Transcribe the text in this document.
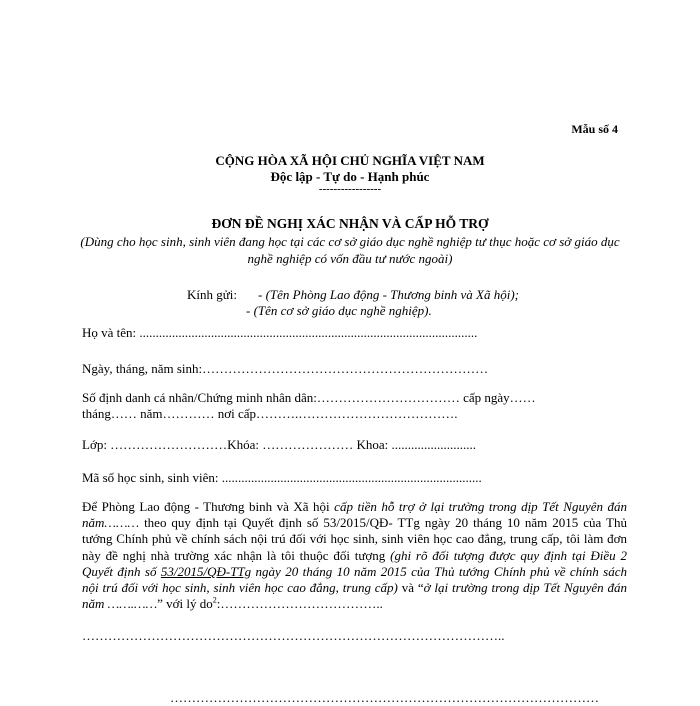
Mẫu số 4
CỘNG HÒA XÃ HỘI CHỦ NGHĨA VIỆT NAM
Độc lập - Tự do - Hạnh phúc
-----------------
ĐƠN ĐỀ NGHỊ XÁC NHẬN VÀ CẤP HỖ TRỢ
(Dùng cho học sinh, sinh viên đang học tại các cơ sở giáo dục nghề nghiệp tư thục hoặc cơ sở giáo dục nghề nghiệp có vốn đầu tư nước ngoài)
Kính gửi: - (Tên Phòng Lao động - Thương binh và Xã hội);
- (Tên cơ sở giáo dục nghề nghiệp).
Họ và tên: ........................................................................................................
Ngày, tháng, năm sinh:…………………………………………………………
Số định danh cá nhân/Chứng minh nhân dân:…………………………… cấp ngày……
tháng…… năm………… nơi cấp……….……………………………….
Lớp: ………………………Khóa: ………………… Khoa: ..........................
Mã số học sinh, sinh viên: ................................................................................
Để Phòng Lao động - Thương binh và Xã hội cấp tiền hỗ trợ ở lại trường trong dịp Tết Nguyên đán năm……… theo quy định tại Quyết định số 53/2015/QĐ- TTg ngày 20 tháng 10 năm 2015 của Thủ tướng Chính phủ về chính sách nội trú đối với học sinh, sinh viên học cao đẳng, trung cấp, tôi làm đơn này đề nghị nhà trường xác nhận là tôi thuộc đối tượng (ghi rõ đối tượng được quy định tại Điều 2 Quyết định số 53/2015/QĐ-TTg ngày 20 tháng 10 năm 2015 của Thủ tướng Chính phủ về chính sách nội trú đối với học sinh, sinh viên học cao đẳng, trung cấp) và “ở lại trường trong dịp Tết Nguyên đán năm …….……” với lý $do^2:\dots\dots\dots\dots\dots\dots\dots\dots\dots\dots\dots\dots$..
……………………………………………………………………………………..
………………………………………………………………………………………
